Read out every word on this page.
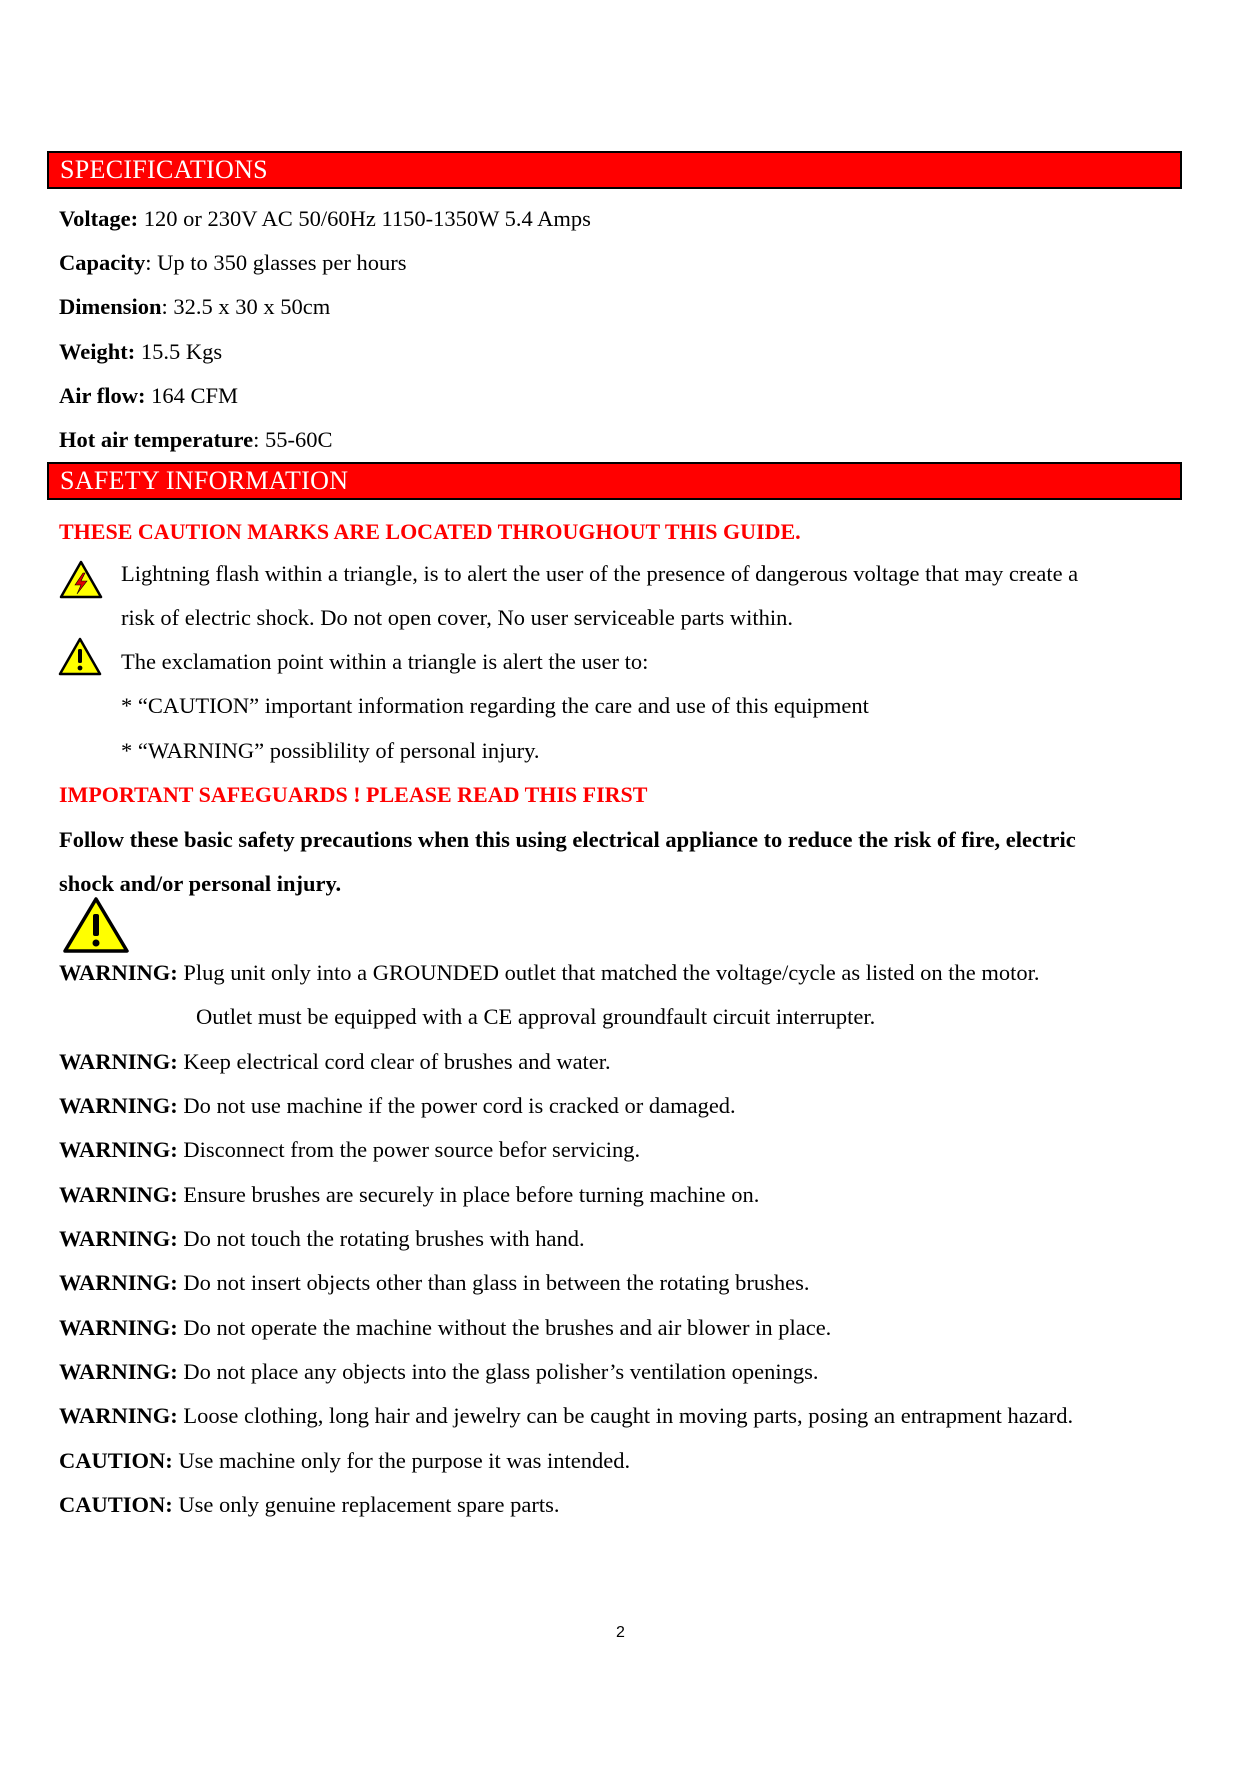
SPECIFICATIONS
Voltage: 120 or 230V AC 50/60Hz 1150-1350W 5.4 Amps
Capacity: Up to 350 glasses per hours
Dimension: 32.5 x 30 x 50cm
Weight: 15.5 Kgs
Air flow: 164 CFM
Hot air temperature: 55-60C
SAFETY INFORMATION
THESE CAUTION MARKS ARE LOCATED THROUGHOUT THIS GUIDE.
Lightning flash within a triangle, is to alert the user of the presence of dangerous voltage that may create a
risk of electric shock. Do not open cover, No user serviceable parts within.
The exclamation point within a triangle is alert the user to:
* “CAUTION” important information regarding the care and use of this equipment
* “WARNING” possiblility of personal injury.
IMPORTANT SAFEGUARDS ! PLEASE READ THIS FIRST
Follow these basic safety precautions when this using electrical appliance to reduce the risk of fire, electric
shock and/or personal injury.
WARNING: Plug unit only into a GROUNDED outlet that matched the voltage/cycle as listed on the motor.
Outlet must be equipped with a CE approval groundfault circuit interrupter.
WARNING: Keep electrical cord clear of brushes and water.
WARNING: Do not use machine if the power cord is cracked or damaged.
WARNING: Disconnect from the power source befor servicing.
WARNING: Ensure brushes are securely in place before turning machine on.
WARNING: Do not touch the rotating brushes with hand.
WARNING: Do not insert objects other than glass in between the rotating brushes.
WARNING: Do not operate the machine without the brushes and air blower in place.
WARNING: Do not place any objects into the glass polisher’s ventilation openings.
WARNING: Loose clothing, long hair and jewelry can be caught in moving parts, posing an entrapment hazard.
CAUTION: Use machine only for the purpose it was intended.
CAUTION: Use only genuine replacement spare parts.
2
